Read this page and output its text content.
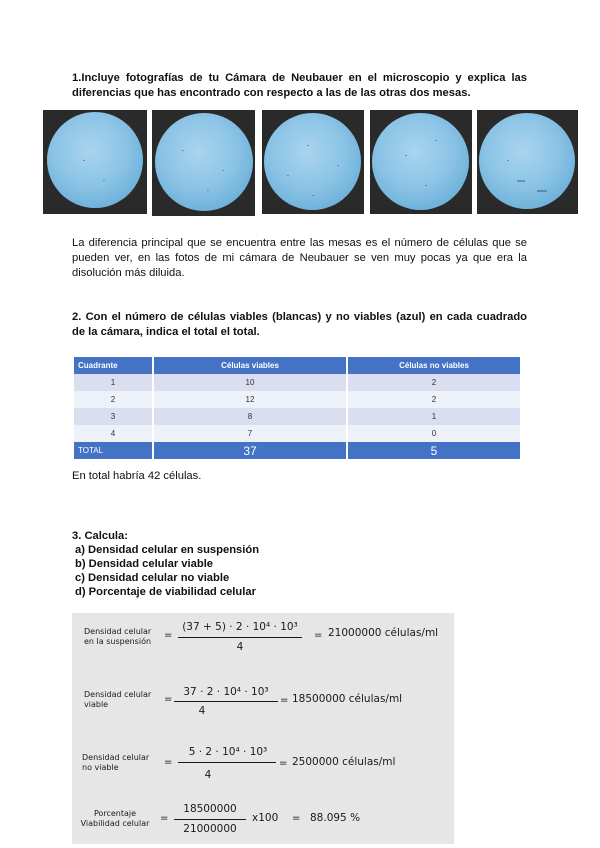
1.Incluye fotografías de tu Cámara de Neubauer en el microscopio y explica las diferencias que has encontrado con respecto a las de las otras dos mesas.
La diferencia principal que se encuentra entre las mesas es el número de células que se pueden ver, en las fotos de mi cámara de Neubauer se ven muy pocas ya que era la disolución más diluida.
2. Con el número de células viables (blancas) y no viables (azul) en cada cuadrado de la cámara, indica el total el total.
Cuadrante	Células viables	Células no viables
1	10	2
2	12	2
3	8	1
4	7	0
TOTAL	37	5
En total habría 42 células.
3. Calcula:
a) Densidad celular en suspensión
b) Densidad celular viable
c) Densidad celular no viable
d) Porcentaje de viabilidad celular
Densidad celular
en la suspensión
=
(37 + 5) · 2 · 10⁴ · 10³
4
= 21000000 células/ml
Densidad celular
viable	=
37 · 2 · 10⁴ · 10³
4
= 18500000 células/ml
Densidad celular
no viable	=
5 · 2 · 10⁴ · 10³
4
= 2500000 células/ml
Porcentaje
Viabilidad celular	=
18500000
21000000
x100 = 88.095 %
